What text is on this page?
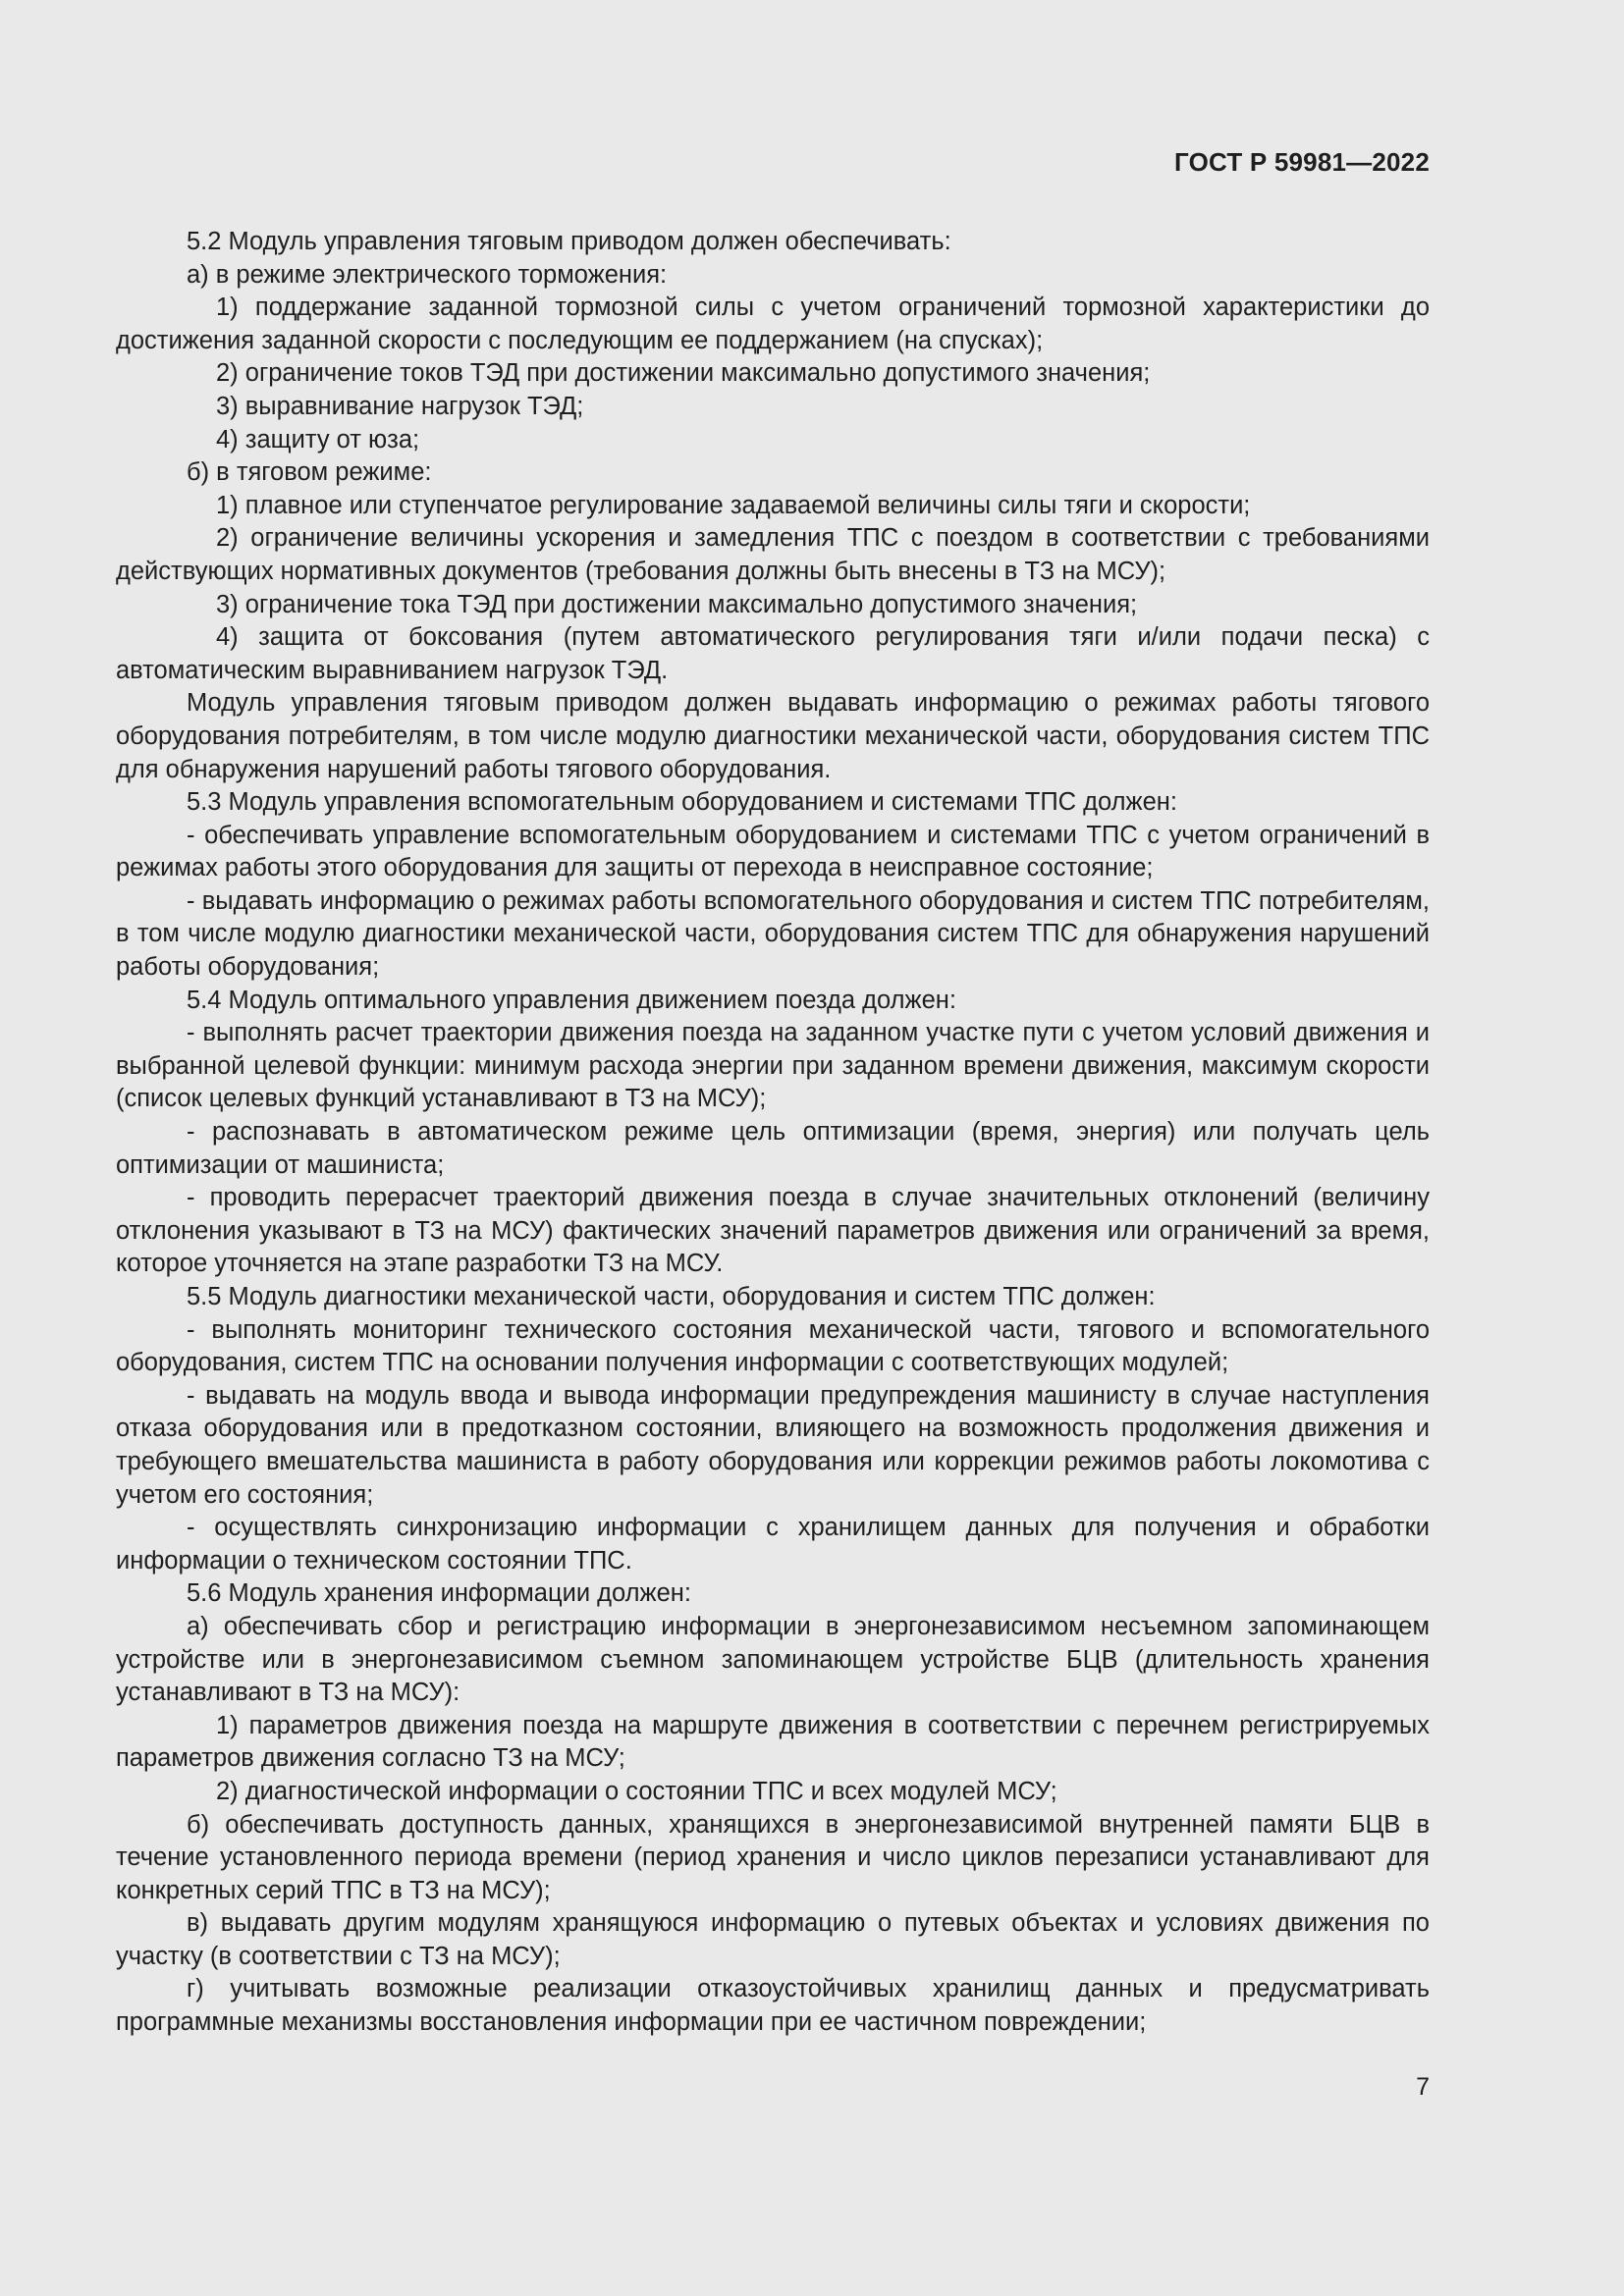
ГОСТ Р 59981—2022

5.2 Модуль управления тяговым приводом должен обеспечивать:

а) в режиме электрического торможения:

1) поддержание заданной тормозной силы с учетом ограничений тормозной характеристики до достижения заданной скорости с последующим ее поддержанием (на спусках);

2) ограничение токов ТЭД при достижении максимально допустимого значения;

3) выравнивание нагрузок ТЭД;

4) защиту от юза;

б) в тяговом режиме:

1) плавное или ступенчатое регулирование задаваемой величины силы тяги и скорости;

2) ограничение величины ускорения и замедления ТПС с поездом в соответствии с требованиями действующих нормативных документов (требования должны быть внесены в ТЗ на МСУ);

3) ограничение тока ТЭД при достижении максимально допустимого значения;

4) защита от боксования (путем автоматического регулирования тяги и/или подачи песка) с автоматическим выравниванием нагрузок ТЭД.

Модуль управления тяговым приводом должен выдавать информацию о режимах работы тягового оборудования потребителям, в том числе модулю диагностики механической части, оборудования систем ТПС для обнаружения нарушений работы тягового оборудования.

5.3 Модуль управления вспомогательным оборудованием и системами ТПС должен:

- обеспечивать управление вспомогательным оборудованием и системами ТПС с учетом ограничений в режимах работы этого оборудования для защиты от перехода в неисправное состояние;

- выдавать информацию о режимах работы вспомогательного оборудования и систем ТПС потребителям, в том числе модулю диагностики механической части, оборудования систем ТПС для обнаружения нарушений работы оборудования;

5.4 Модуль оптимального управления движением поезда должен:

- выполнять расчет траектории движения поезда на заданном участке пути с учетом условий движения и выбранной целевой функции: минимум расхода энергии при заданном времени движения, максимум скорости (список целевых функций устанавливают в ТЗ на МСУ);

- распознавать в автоматическом режиме цель оптимизации (время, энергия) или получать цель оптимизации от машиниста;

- проводить перерасчет траекторий движения поезда в случае значительных отклонений (величину отклонения указывают в ТЗ на МСУ) фактических значений параметров движения или ограничений за время, которое уточняется на этапе разработки ТЗ на МСУ.

5.5 Модуль диагностики механической части, оборудования и систем ТПС должен:

- выполнять мониторинг технического состояния механической части, тягового и вспомогательного оборудования, систем ТПС на основании получения информации с соответствующих модулей;

- выдавать на модуль ввода и вывода информации предупреждения машинисту в случае наступления отказа оборудования или в предотказном состоянии, влияющего на возможность продолжения движения и требующего вмешательства машиниста в работу оборудования или коррекции режимов работы локомотива с учетом его состояния;

- осуществлять синхронизацию информации с хранилищем данных для получения и обработки информации о техническом состоянии ТПС.

5.6 Модуль хранения информации должен:

а) обеспечивать сбор и регистрацию информации в энергонезависимом несъемном запоминающем устройстве или в энергонезависимом съемном запоминающем устройстве БЦВ (длительность хранения устанавливают в ТЗ на МСУ):

1) параметров движения поезда на маршруте движения в соответствии с перечнем регистрируемых параметров движения согласно ТЗ на МСУ;

2) диагностической информации о состоянии ТПС и всех модулей МСУ;

б) обеспечивать доступность данных, хранящихся в энергонезависимой внутренней памяти БЦВ в течение установленного периода времени (период хранения и число циклов перезаписи устанавливают для конкретных серий ТПС в ТЗ на МСУ);

в) выдавать другим модулям хранящуюся информацию о путевых объектах и условиях движения по участку (в соответствии с ТЗ на МСУ);

г) учитывать возможные реализации отказоустойчивых хранилищ данных и предусматривать программные механизмы восстановления информации при ее частичном повреждении;

7
